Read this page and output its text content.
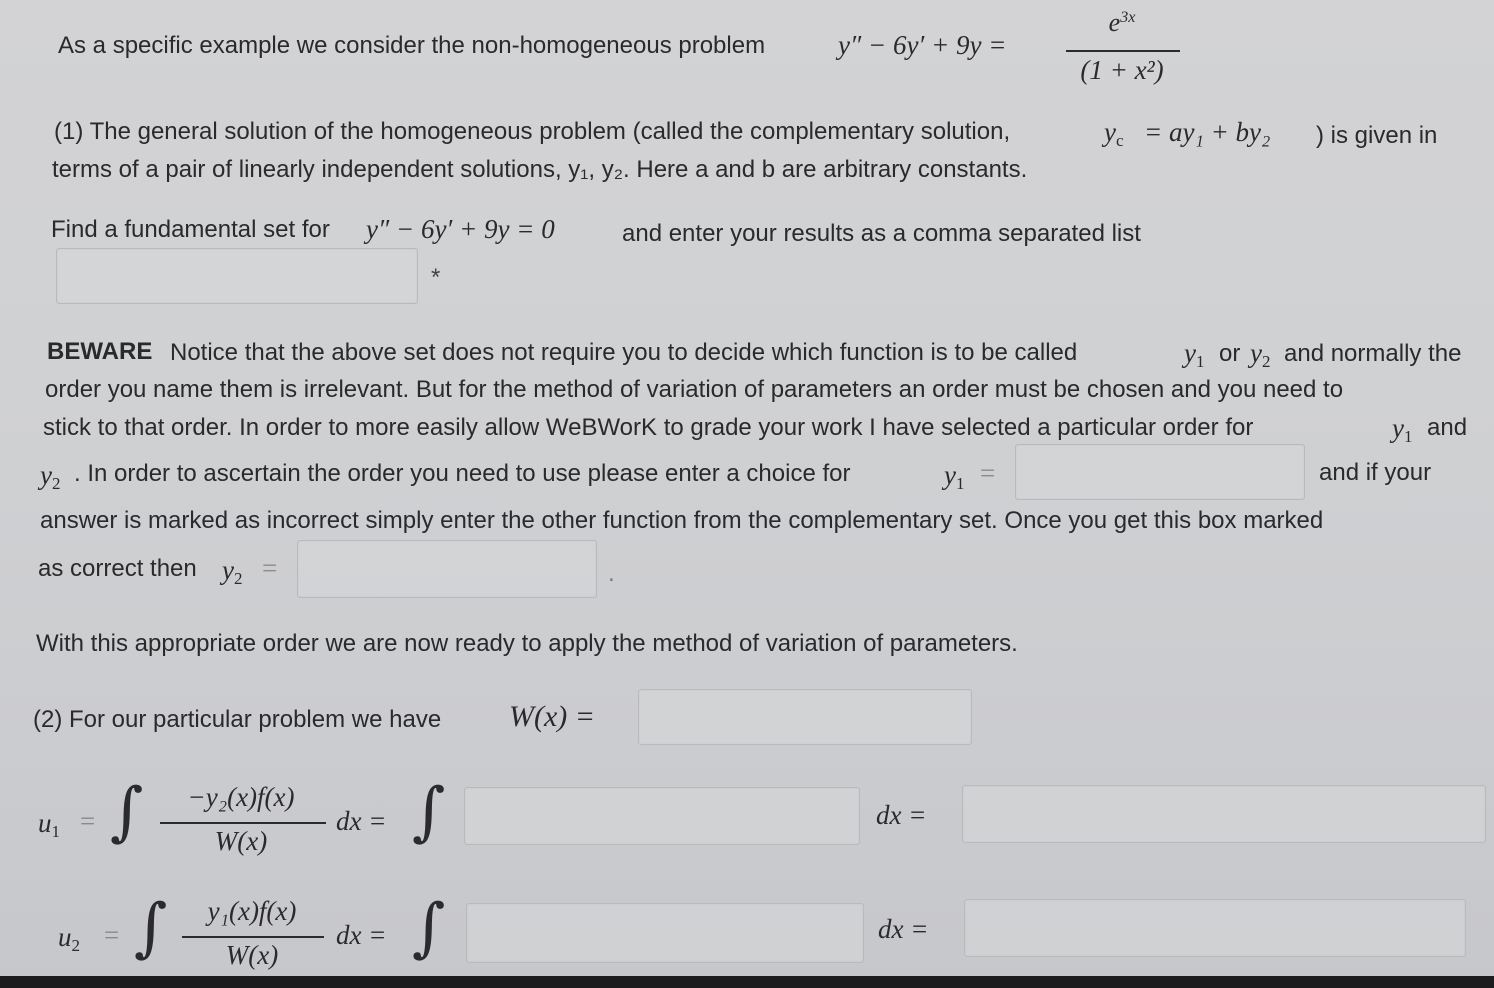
As a specific example we consider the non-homogeneous problem	y″ − 6y′ + 9y =
$e^{3x}$
(1 + x²)
(1) The general solution of the homogeneous problem (called the complementary solution,	$y_c = ay_1 + by_2$ ) is given in
terms of a pair of linearly independent solutions, y₁, y₂. Here a and b are arbitrary constants.
Find a fundamental set for y″ − 6y′ + 9y = 0	and enter your results as a comma separated list
*
BEWARE Notice that the above set does not require you to decide which function is to be called	$y_1$ or $y_2$ and normally the
order you name them is irrelevant. But for the method of variation of parameters an order must be chosen and you need to
stick to that order. In order to more easily allow WeBWorK to grade your work I have selected a particular order for	$y_1$ and
$y_2$ . In order to ascertain the order you need to use please enter a choice for	$y_1$ =	and if your
answer is marked as incorrect simply enter the other function from the complementary set. Once you get this box marked
as correct then $y_2$ =	.
With this appropriate order we are now ready to apply the method of variation of parameters.
(2) For our particular problem we have W(x) =
$u_1$ = ∫	−y₂(x)f(x)
W(x)
dx = ∫	dx =
$u_2$ = ∫	y₁(x)f(x)
W(x)
dx = ∫	dx =
